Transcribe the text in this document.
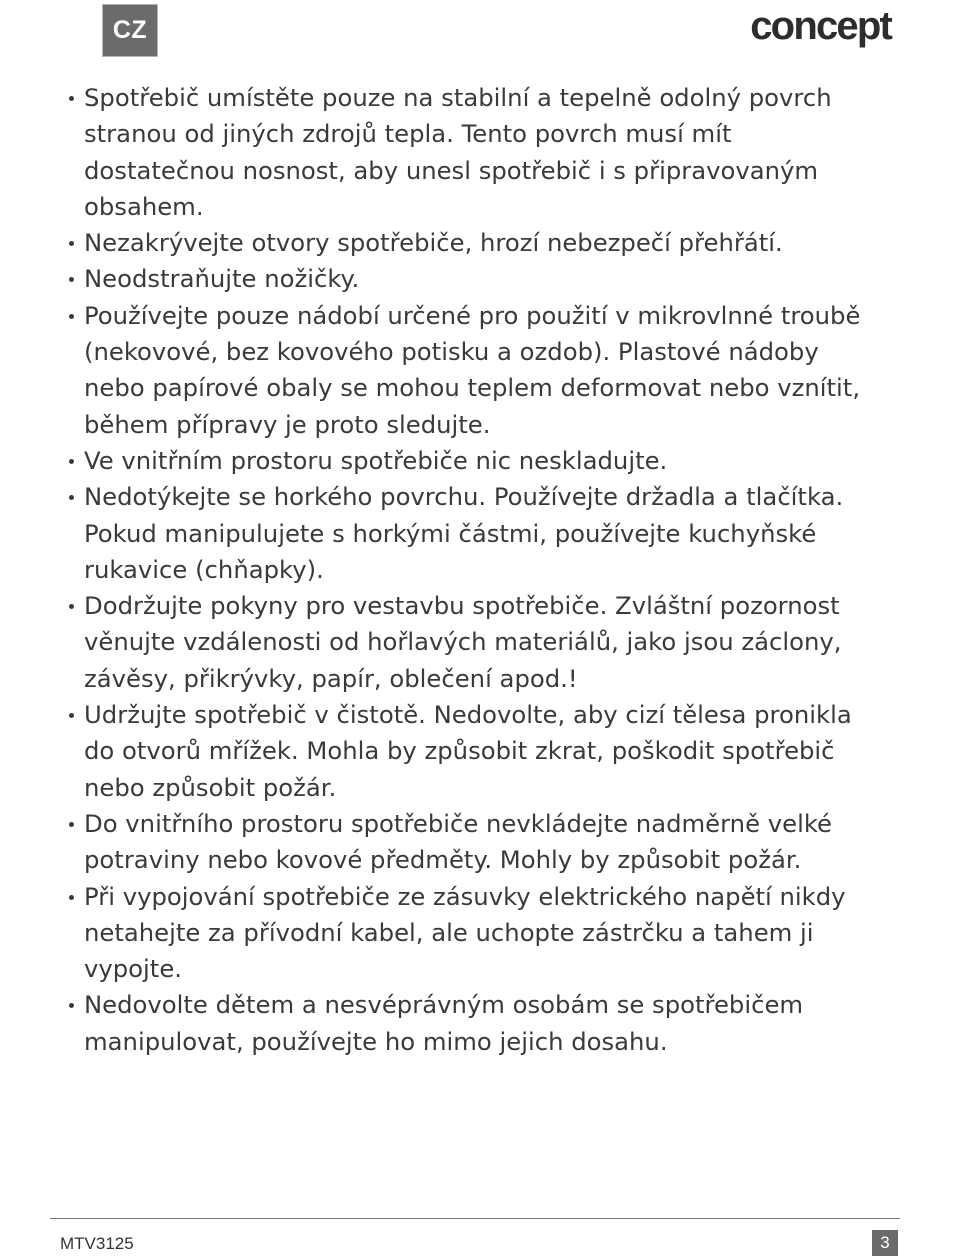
CZ	concept
Spotřebič umístěte pouze na stabilní a tepelně odolný povrch stranou od jiných zdrojů tepla. Tento povrch musí mít dostatečnou nosnost, aby unesl spotřebič i s připravovaným obsahem.
Nezakrývejte otvory spotřebiče, hrozí nebezpečí přehřátí.
Neodstraňujte nožičky.
Používejte pouze nádobí určené pro použití v mikrovlnné troubě (nekovové, bez kovového potisku a ozdob). Plastové nádoby nebo papírové obaly se mohou teplem deformovat nebo vznítit, během přípravy je proto sledujte.
Ve vnitřním prostoru spotřebiče nic neskladujte.
Nedotýkejte se horkého povrchu. Používejte držadla a tlačítka. Pokud manipulujete s horkými částmi, používejte kuchyňské rukavice (chňapky).
Dodržujte pokyny pro vestavbu spotřebiče. Zvláštní pozornost věnujte vzdálenosti od hořlavých materiálů, jako jsou záclony, závěsy, přikrývky, papír, oblečení apod.!
Udržujte spotřebič v čistotě. Nedovolte, aby cizí tělesa pronikla do otvorů mřížek. Mohla by způsobit zkrat, poškodit spotřebič nebo způsobit požár.
Do vnitřního prostoru spotřebiče nevkládejte nadměrně velké potraviny nebo kovové předměty. Mohly by způsobit požár.
Při vypojování spotřebiče ze zásuvky elektrického napětí nikdy netahejte za přívodní kabel, ale uchopte zástrčku a tahem ji vypojte.
Nedovolte dětem a nesvéprávným osobám se spotřebičem manipulovat, používejte ho mimo jejich dosahu.
MTV3125	3
